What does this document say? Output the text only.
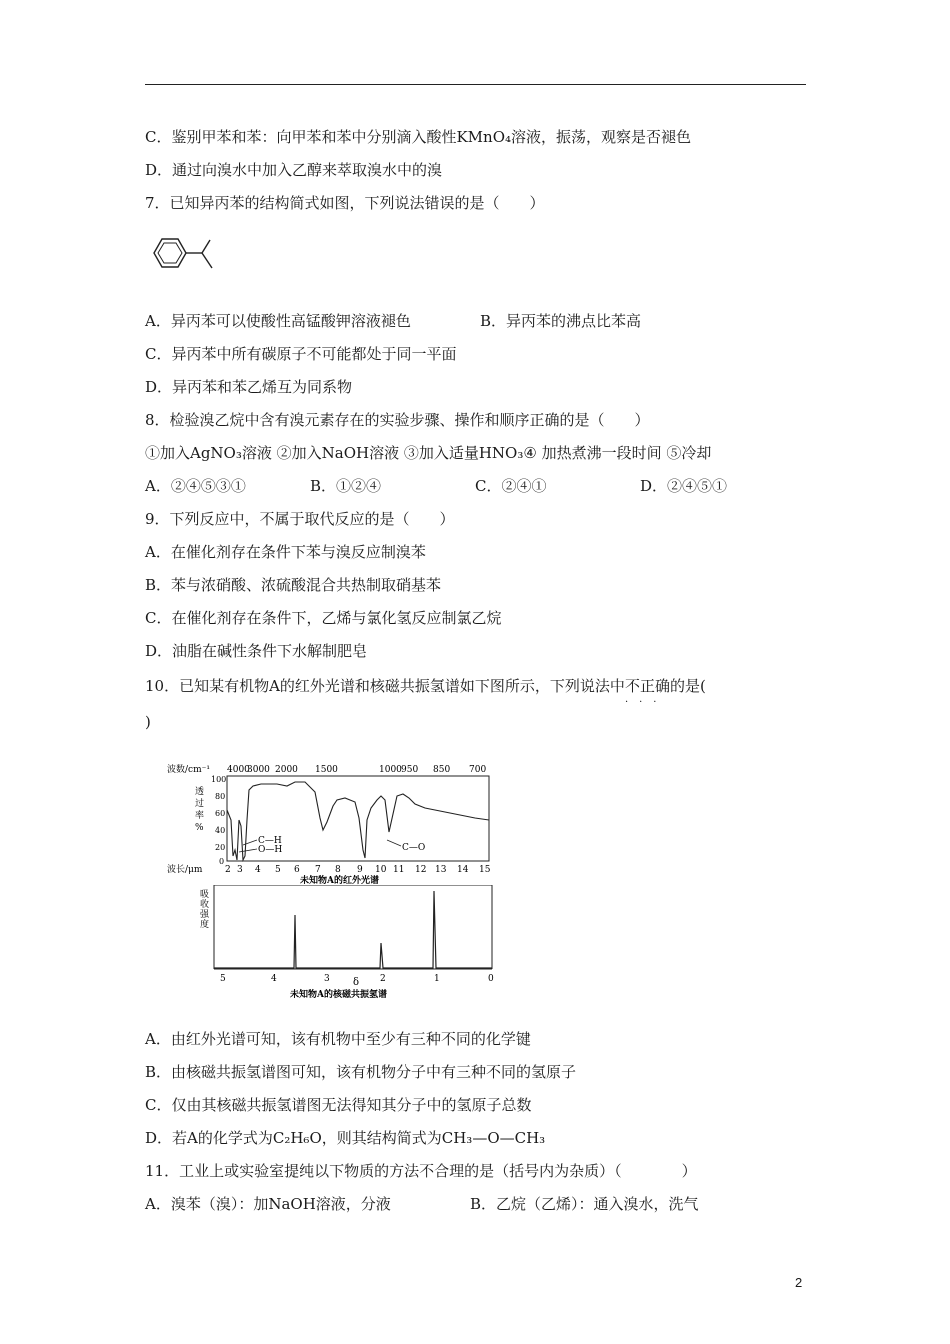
C．鉴别甲苯和苯：向甲苯和苯中分别滴入酸性KMnO₄溶液，振荡，观察是否褪色
D．通过向溴水中加入乙醇来萃取溴水中的溴
7．已知异丙苯的结构简式如图，下列说法错误的是（　　）
A．异丙苯可以使酸性高锰酸钾溶液褪色	B．异丙苯的沸点比苯高
C．异丙苯中所有碳原子不可能都处于同一平面
D．异丙苯和苯乙烯互为同系物
8．检验溴乙烷中含有溴元素存在的实验步骤、操作和顺序正确的是（　　）
①加入AgNO₃溶液 ②加入NaOH溶液 ③加入适量HNO₃④ 加热煮沸一段时间 ⑤冷却
A．②④⑤③①	B．①②④	C．②④①	D．②④⑤①
9．下列反应中，不属于取代反应的是（　　）
A．在催化剂存在条件下苯与溴反应制溴苯
B．苯与浓硝酸、浓硫酸混合共热制取硝基苯
C．在催化剂存在条件下，乙烯与氯化氢反应制氯乙烷
D．油脂在碱性条件下水解制肥皂
10．已知某有机物A的红外光谱和核磁共振氢谱如下图所示，下列说法中不正确
···
的是(
)
波数/cm⁻¹ 4000
3000 2000 1500	1000 950 850 700
透
过
率
%
100
80
60
40
20
0
C—H
O—H	C—O
波长/μm	2 3 4 5 6 7 8 9 10 11 12 13 14 15
未知物A的红外光谱
吸
收
强
度
5	4	3	2	1	0
δ
未知物A的核磁共振氢谱
A．由红外光谱可知，该有机物中至少有三种不同的化学键
B．由核磁共振氢谱图可知，该有机物分子中有三种不同的氢原子
C．仅由其核磁共振氢谱图无法得知其分子中的氢原子总数
D．若A的化学式为C₂H₆O，则其结构简式为CH₃—O—CH₃
11．工业上或实验室提纯以下物质的方法不合理的是（括号内为杂质）（　　　　）
A．溴苯（溴）：加NaOH溶液，分液	B．乙烷（乙烯）：通入溴水，洗气
2
